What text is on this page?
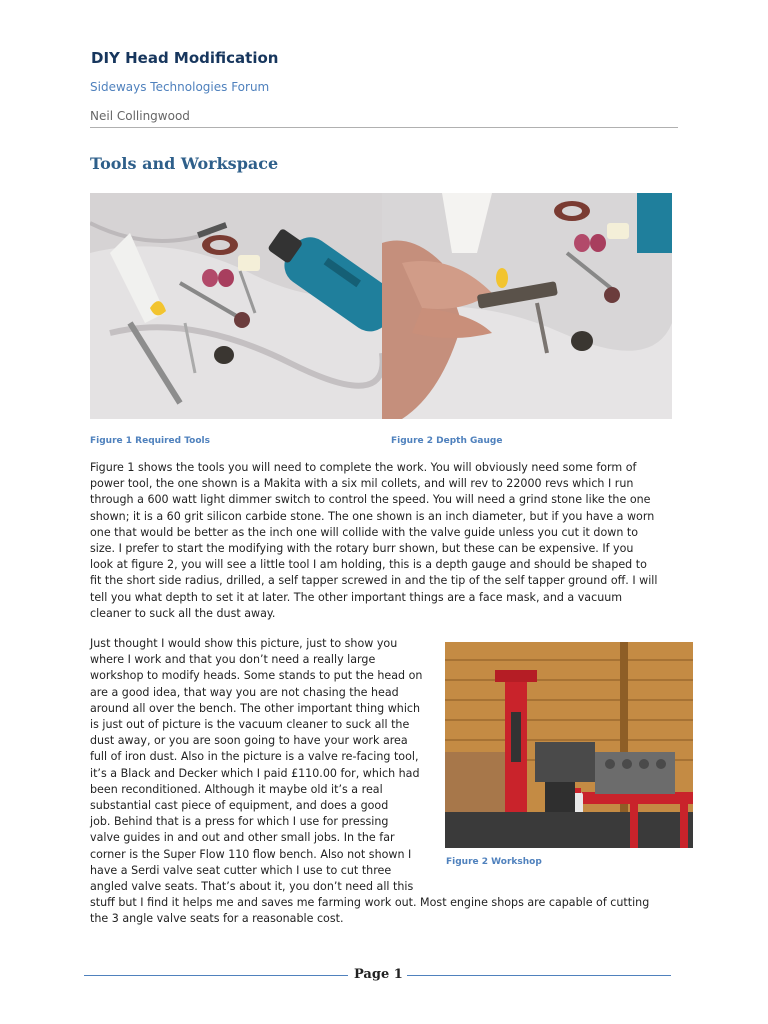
DIY Head Modification
Sideways Technologies Forum
Neil Collingwood
Tools and Workspace
Figure 1 Required Tools	Figure 2 Depth Gauge
Figure 2 Workshop
Figure 1 shows the tools you will need to complete the work. You will obviously need some form of
power tool, the one shown is a Makita with a six mil collets, and will rev to 22000 revs which I run
through a 600 watt light dimmer switch to control the speed. You will need a grind stone like the one
shown; it is a 60 grit silicon carbide stone. The one shown is an inch diameter, but if you have a worn
one that would be better as the inch one will collide with the valve guide unless you cut it down to
size. I prefer to start the modifying with the rotary burr shown, but these can be expensive. If you
look at figure 2, you will see a little tool I am holding, this is a depth gauge and should be shaped to
fit the short side radius, drilled, a self tapper screwed in and the tip of the self tapper ground off. I will
tell you what depth to set it at later. The other important things are a face mask, and a vacuum
cleaner to suck all the dust away.
Just thought I would show this picture, just to show you
where I work and that you don’t need a really large
workshop to modify heads. Some stands to put the head on
are a good idea, that way you are not chasing the head
around all over the bench. The other important thing which
is just out of picture is the vacuum cleaner to suck all the
dust away, or you are soon going to have your work area
full of iron dust. Also in the picture is a valve re-facing tool,
it’s a Black and Decker which I paid £110.00 for, which had
been reconditioned. Although it maybe old it’s a real
substantial cast piece of equipment, and does a good
job. Behind that is a press for which I use for pressing
valve guides in and out and other small jobs. In the far
corner is the Super Flow 110 flow bench. Also not shown I
have a Serdi valve seat cutter which I use to cut three
angled valve seats. That’s about it, you don’t need all this
stuff but I find it helps me and saves me farming work out. Most engine shops are capable of cutting
the 3 angle valve seats for a reasonable cost.
Page 1
